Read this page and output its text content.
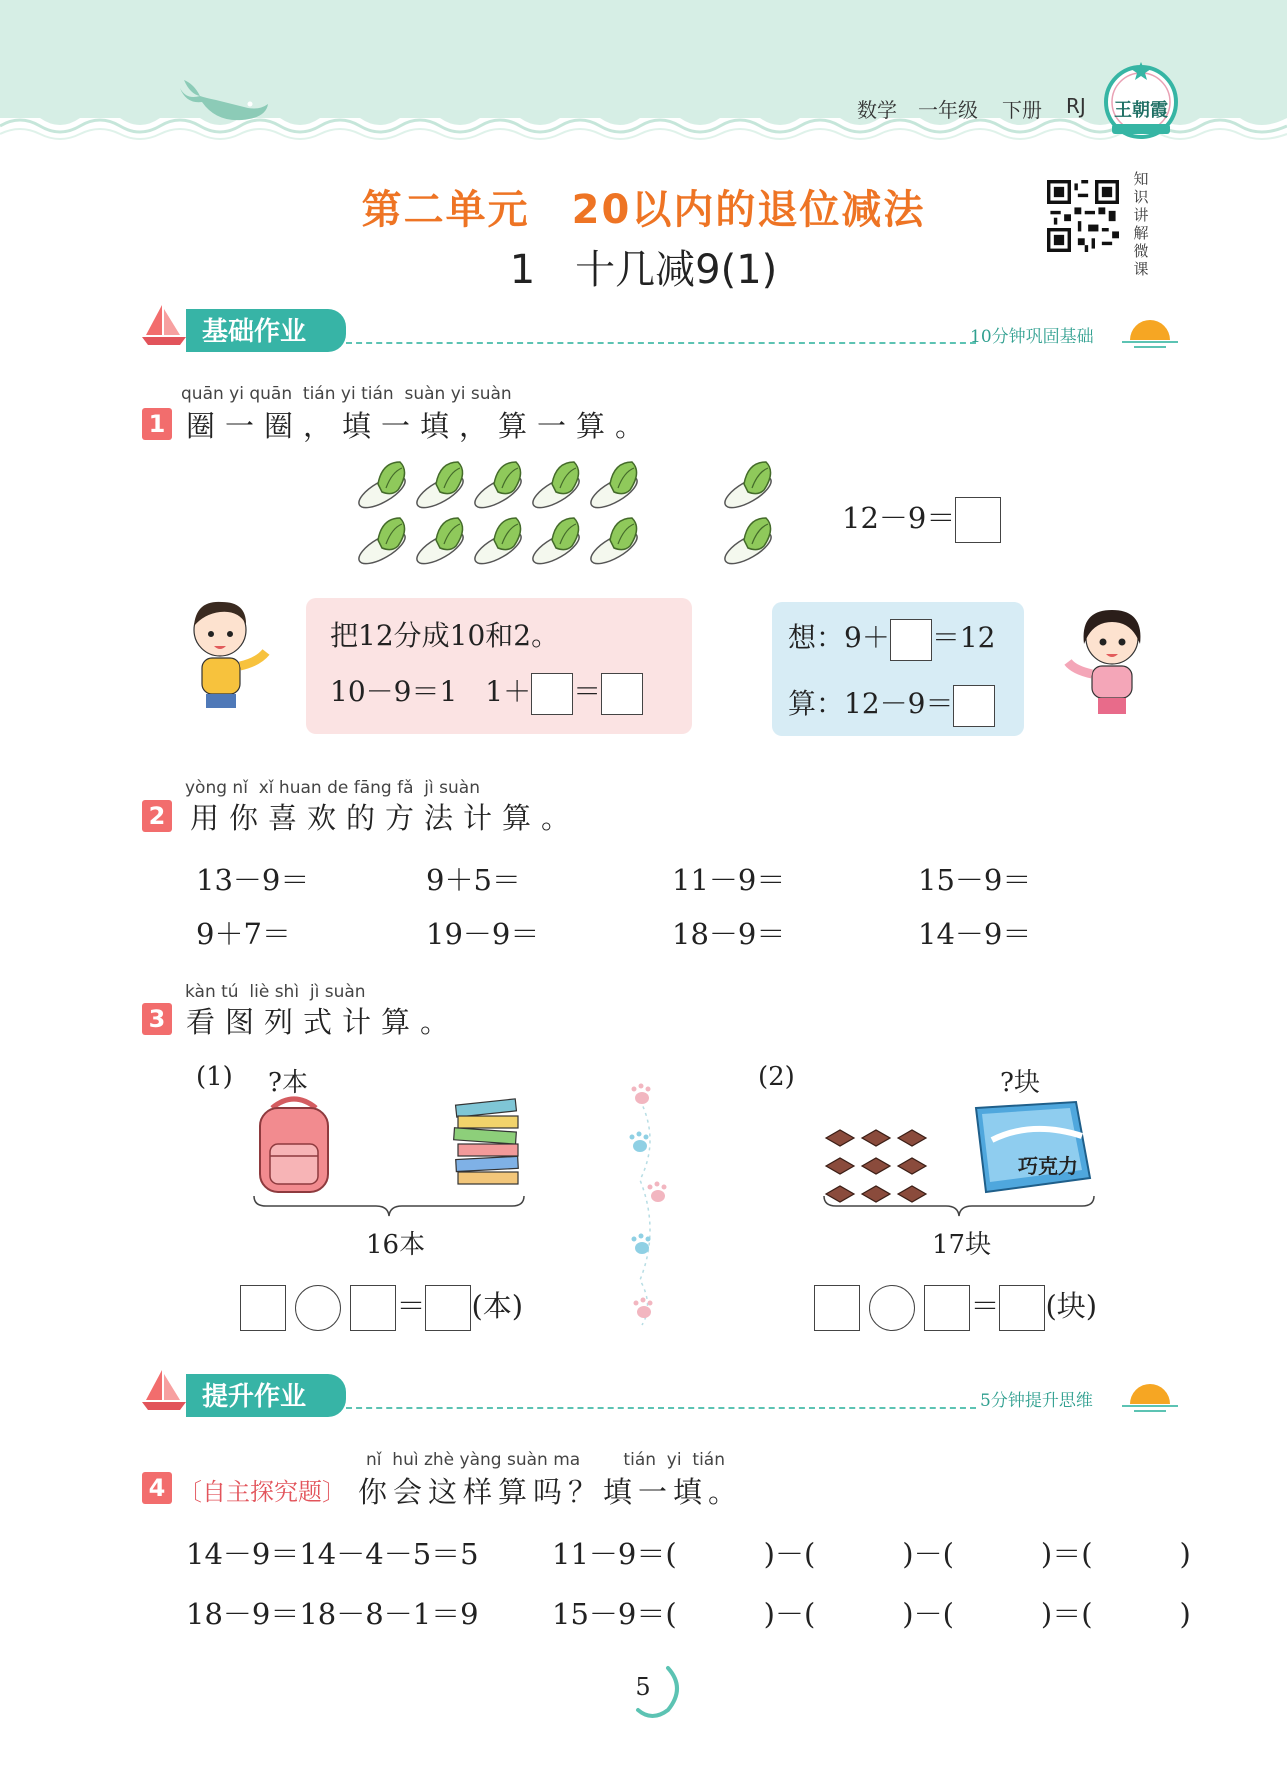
数学 一年级 下册 RJ	王朝霞
第二单元　20以内的退位减法
1　十几减9(1)
知识讲解微课
基础作业	10分钟巩固基础
quān yi quān  tián yi tián  suàn yi suàn
1 圈一圈，填一填，算一算。
12－9＝
把12分成10和2。
10－9＝1　1＋ ＝
想：9＋ ＝12
算：12－9＝
yòng nǐ  xǐ huan de fāng fǎ  jì suàn
2 用你喜欢的方法计算。
13－9＝	9＋5＝	11－9＝	15－9＝
9＋7＝	19－9＝	18－9＝	14－9＝
kàn tú  liè shì  jì suàn
3 看图列式计算。
(1) ?本
16本
＝ (本)
(2)	?块
巧克力
17块
＝ (块)
提升作业	5分钟提升思维
nǐ  huì zhè yàng suàn ma        tián  yi  tián
4 〔自主探究题〕 你会这样算吗？填一填。
14－9＝14－4－5＝5	11－9＝(　　　)－(　　　)－(　　　)＝(　　　)
18－9＝18－8－1＝9	15－9＝(　　　)－(　　　)－(　　　)＝(　　　)
5
